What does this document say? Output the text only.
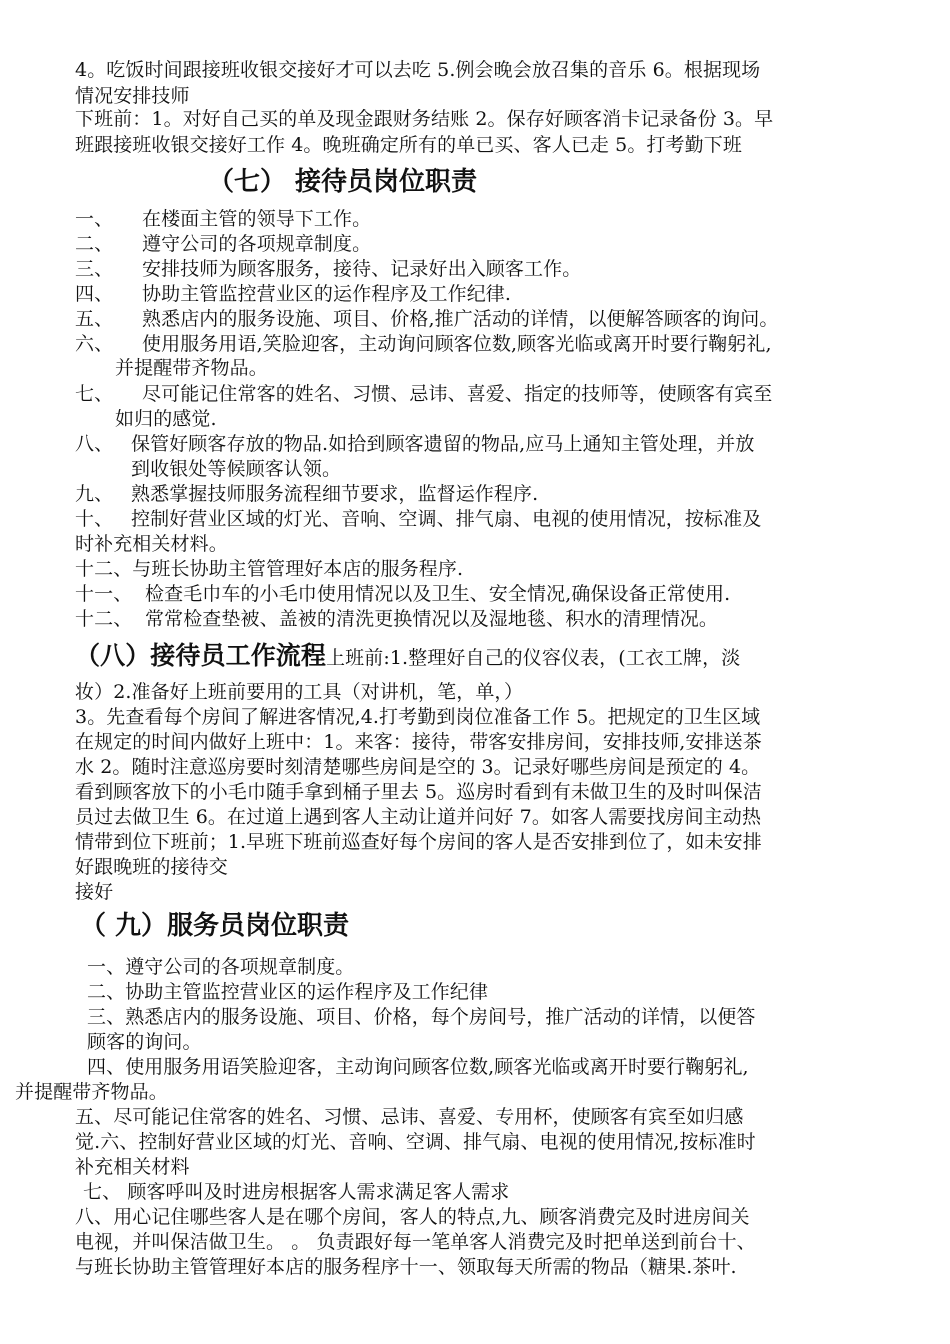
4。吃饭时间跟接班收银交接好才可以去吃 5.例会晚会放召集的音乐 6。根据现场
情况安排技师
下班前：1。对好自己买的单及现金跟财务结账 2。保存好顾客消卡记录备份 3。早
班跟接班收银交接好工作 4。晚班确定所有的单已买、客人已走 5。打考勤下班
（七） 接待员岗位职责
一、 在楼面主管的领导下工作。
二、 遵守公司的各项规章制度。
三、 安排技师为顾客服务，接待、记录好出入顾客工作。
四、 协助主管监控营业区的运作程序及工作纪律.
五、 熟悉店内的服务设施、项目、价格,推广活动的详情，以便解答顾客的询问。
六、 使用服务用语,笑脸迎客，主动询问顾客位数,顾客光临或离开时要行鞠躬礼,
并提醒带齐物品。
七、 尽可能记住常客的姓名、习惯、忌讳、喜爱、指定的技师等，使顾客有宾至
如归的感觉.
八、 保管好顾客存放的物品.如拾到顾客遗留的物品,应马上通知主管处理，并放
到收银处等候顾客认领。
九、 熟悉掌握技师服务流程细节要求，监督运作程序.
十、 控制好营业区域的灯光、音响、空调、排气扇、电视的使用情况，按标准及
时补充相关材料。
十二、与班长协助主管管理好本店的服务程序.
十一、 检查毛巾车的小毛巾使用情况以及卫生、安全情况,确保设备正常使用.
十二、 常常检查垫被、盖被的清洗更换情况以及湿地毯、积水的清理情况。
（八）接待员工作流程上班前:1.整理好自己的仪容仪表，(工衣工牌，淡
妆）2.准备好上班前要用的工具（对讲机，笔，单，）
3。先查看每个房间了解进客情况,4.打考勤到岗位准备工作 5。把规定的卫生区域
在规定的时间内做好上班中：1。来客：接待，带客安排房间，安排技师,安排送茶
水 2。随时注意巡房要时刻清楚哪些房间是空的 3。记录好哪些房间是预定的 4。
看到顾客放下的小毛巾随手拿到桶子里去 5。巡房时看到有未做卫生的及时叫保洁
员过去做卫生 6。在过道上遇到客人主动让道并问好 7。如客人需要找房间主动热
情带到位下班前；1.早班下班前巡查好每个房间的客人是否安排到位了，如未安排
好跟晚班的接待交
接好
（ 九）服务员岗位职责
一、遵守公司的各项规章制度。
二、协助主管监控营业区的运作程序及工作纪律
三、熟悉店内的服务设施、项目、价格，每个房间号，推广活动的详情，以便答
顾客的询问。
四、使用服务用语笑脸迎客，主动询问顾客位数,顾客光临或离开时要行鞠躬礼,
并提醒带齐物品。
五、尽可能记住常客的姓名、习惯、忌讳、喜爱、专用杯，使顾客有宾至如归感
觉.六、控制好营业区域的灯光、音响、空调、排气扇、电视的使用情况,按标准时
补充相关材料
七、 顾客呼叫及时进房根据客人需求满足客人需求
八、用心记住哪些客人是在哪个房间，客人的特点,九、顾客消费完及时进房间关
电视，并叫保洁做卫生。 。 负责跟好每一笔单客人消费完及时把单送到前台十、
与班长协助主管管理好本店的服务程序十一、领取每天所需的物品（糖果.茶叶.
